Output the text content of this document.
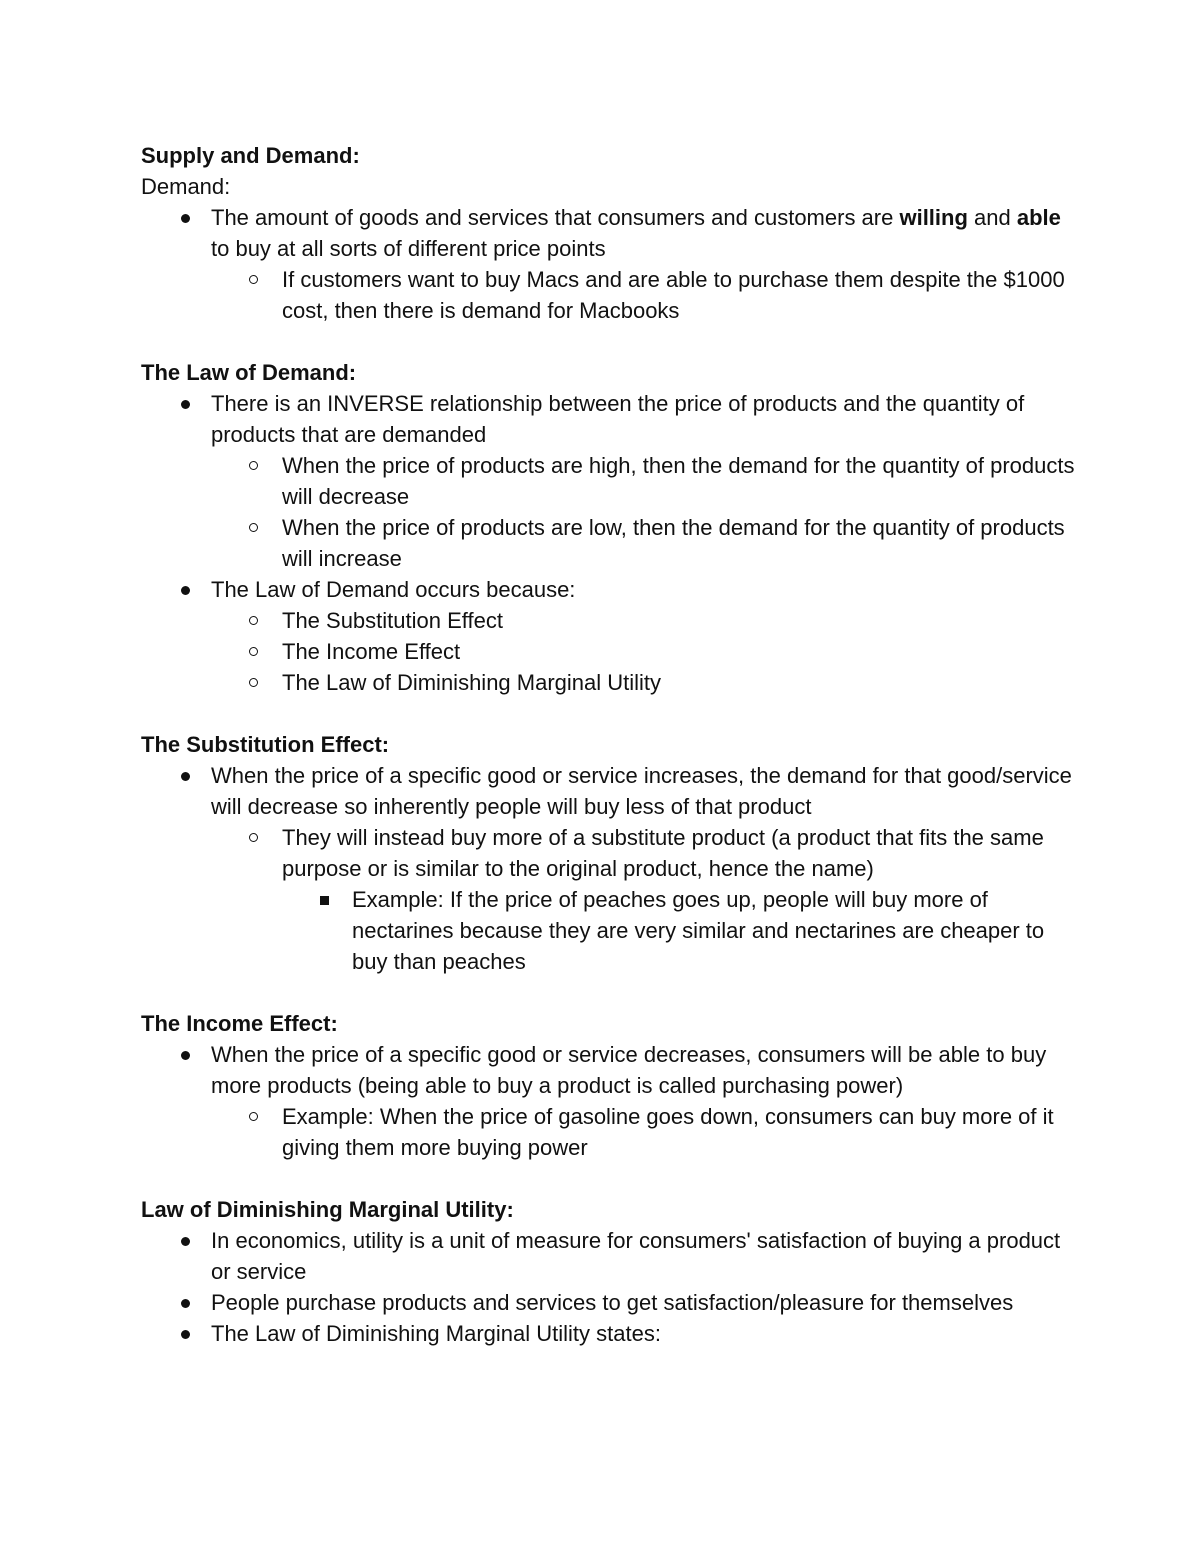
Supply and Demand:
Demand:
The amount of goods and services that consumers and customers are willing and able to buy at all sorts of different price points
If customers want to buy Macs and are able to purchase them despite the $1000 cost, then there is demand for Macbooks
The Law of Demand:
There is an INVERSE relationship between the price of products and the quantity of products that are demanded
When the price of products are high, then the demand for the quantity of products will decrease
When the price of products are low, then the demand for the quantity of products will increase
The Law of Demand occurs because:
The Substitution Effect
The Income Effect
The Law of Diminishing Marginal Utility
The Substitution Effect:
When the price of a specific good or service increases, the demand for that good/service will decrease so inherently people will buy less of that product
They will instead buy more of a substitute product (a product that fits the same purpose or is similar to the original product, hence the name)
Example: If the price of peaches goes up, people will buy more of nectarines because they are very similar and nectarines are cheaper to buy than peaches
The Income Effect:
When the price of a specific good or service decreases, consumers will be able to buy more products (being able to buy a product is called purchasing power)
Example: When the price of gasoline goes down, consumers can buy more of it giving them more buying power
Law of Diminishing Marginal Utility:
In economics, utility is a unit of measure for consumers' satisfaction of buying a product or service
People purchase products and services to get satisfaction/pleasure for themselves
The Law of Diminishing Marginal Utility states:
